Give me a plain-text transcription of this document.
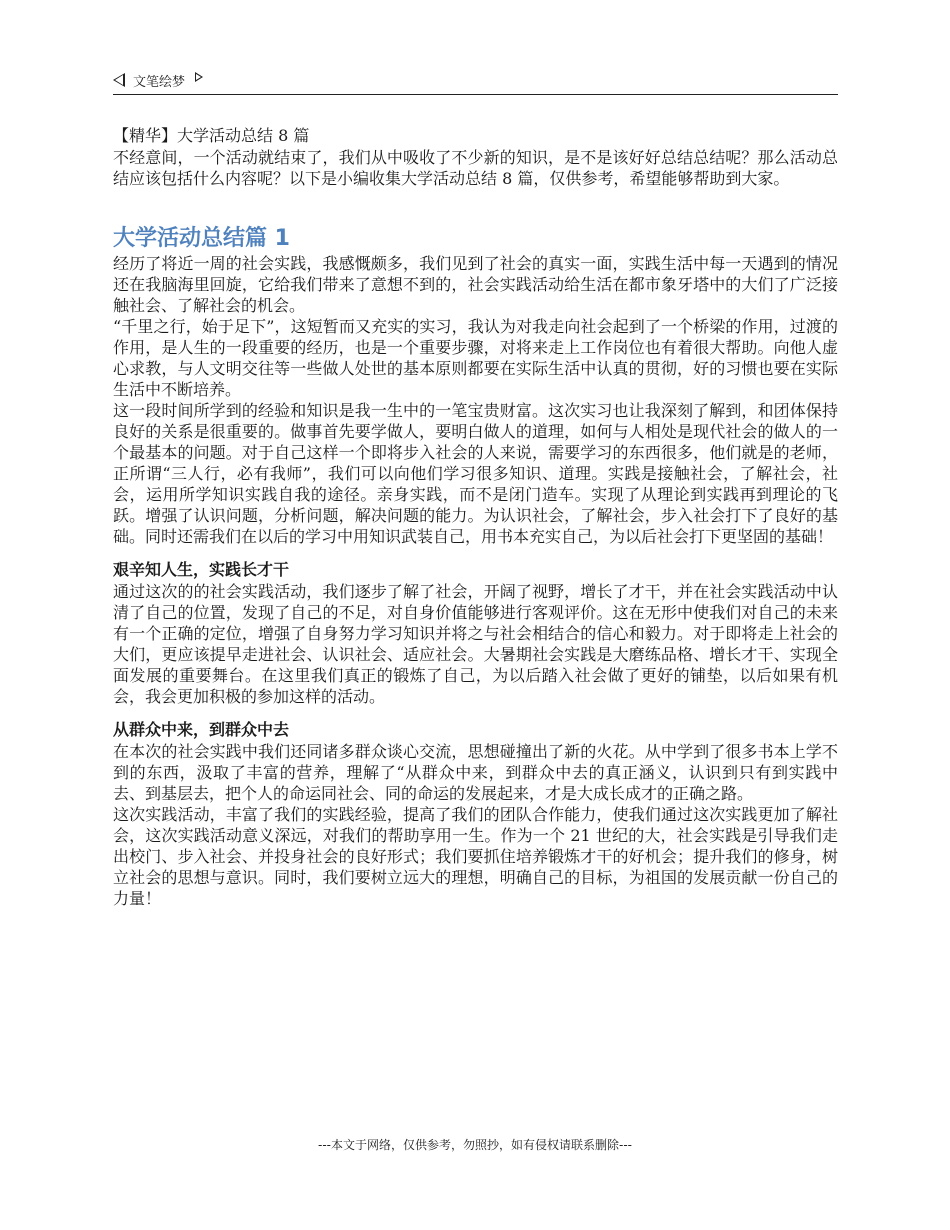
文笔绘梦
【精华】大学活动总结 8 篇

不经意间，一个活动就结束了，我们从中吸收了不少新的知识，是不是该好好总结总结呢？那么活动总结应该包括什么内容呢？以下是小编收集大学活动总结 8 篇，仅供参考，希望能够帮助到大家。

大学活动总结篇 1

经历了将近一周的社会实践，我感慨颇多，我们见到了社会的真实一面，实践生活中每一天遇到的情况还在我脑海里回旋，它给我们带来了意想不到的，社会实践活动给生活在都市象牙塔中的大们了广泛接触社会、了解社会的机会。

“千里之行，始于足下”，这短暂而又充实的实习，我认为对我走向社会起到了一个桥梁的作用，过渡的作用，是人生的一段重要的经历，也是一个重要步骤，对将来走上工作岗位也有着很大帮助。向他人虚心求教，与人文明交往等一些做人处世的基本原则都要在实际生活中认真的贯彻，好的习惯也要在实际生活中不断培养。

这一段时间所学到的经验和知识是我一生中的一笔宝贵财富。这次实习也让我深刻了解到，和团体保持良好的关系是很重要的。做事首先要学做人，要明白做人的道理，如何与人相处是现代社会的做人的一个最基本的问题。对于自己这样一个即将步入社会的人来说，需要学习的东西很多，他们就是的老师，正所谓“三人行，必有我师”，我们可以向他们学习很多知识、道理。实践是接触社会，了解社会，社会，运用所学知识实践自我的途径。亲身实践，而不是闭门造车。实现了从理论到实践再到理论的飞跃。增强了认识问题，分析问题，解决问题的能力。为认识社会，了解社会，步入社会打下了良好的基础。同时还需我们在以后的学习中用知识武装自己，用书本充实自己，为以后社会打下更坚固的基础！

艰辛知人生，实践长才干

通过这次的的社会实践活动，我们逐步了解了社会，开阔了视野，增长了才干，并在社会实践活动中认清了自己的位置，发现了自己的不足，对自身价值能够进行客观评价。这在无形中使我们对自己的未来有一个正确的定位，增强了自身努力学习知识并将之与社会相结合的信心和毅力。对于即将走上社会的大们，更应该提早走进社会、认识社会、适应社会。大暑期社会实践是大磨练品格、增长才干、实现全面发展的重要舞台。在这里我们真正的锻炼了自己，为以后踏入社会做了更好的铺垫，以后如果有机会，我会更加积极的参加这样的活动。

从群众中来，到群众中去

在本次的社会实践中我们还同诸多群众谈心交流，思想碰撞出了新的火花。从中学到了很多书本上学不到的东西，汲取了丰富的营养，理解了“从群众中来，到群众中去的真正涵义，认识到只有到实践中去、到基层去，把个人的命运同社会、同的命运的发展起来，才是大成长成才的正确之路。

这次实践活动，丰富了我们的实践经验，提高了我们的团队合作能力，使我们通过这次实践更加了解社会，这次实践活动意义深远，对我们的帮助享用一生。作为一个 21 世纪的大，社会实践是引导我们走出校门、步入社会、并投身社会的良好形式；我们要抓住培养锻炼才干的好机会；提升我们的修身，树立社会的思想与意识。同时，我们要树立远大的理想，明确自己的目标，为祖国的发展贡献一份自己的力量！

---本文于网络，仅供参考，勿照抄，如有侵权请联系删除---
